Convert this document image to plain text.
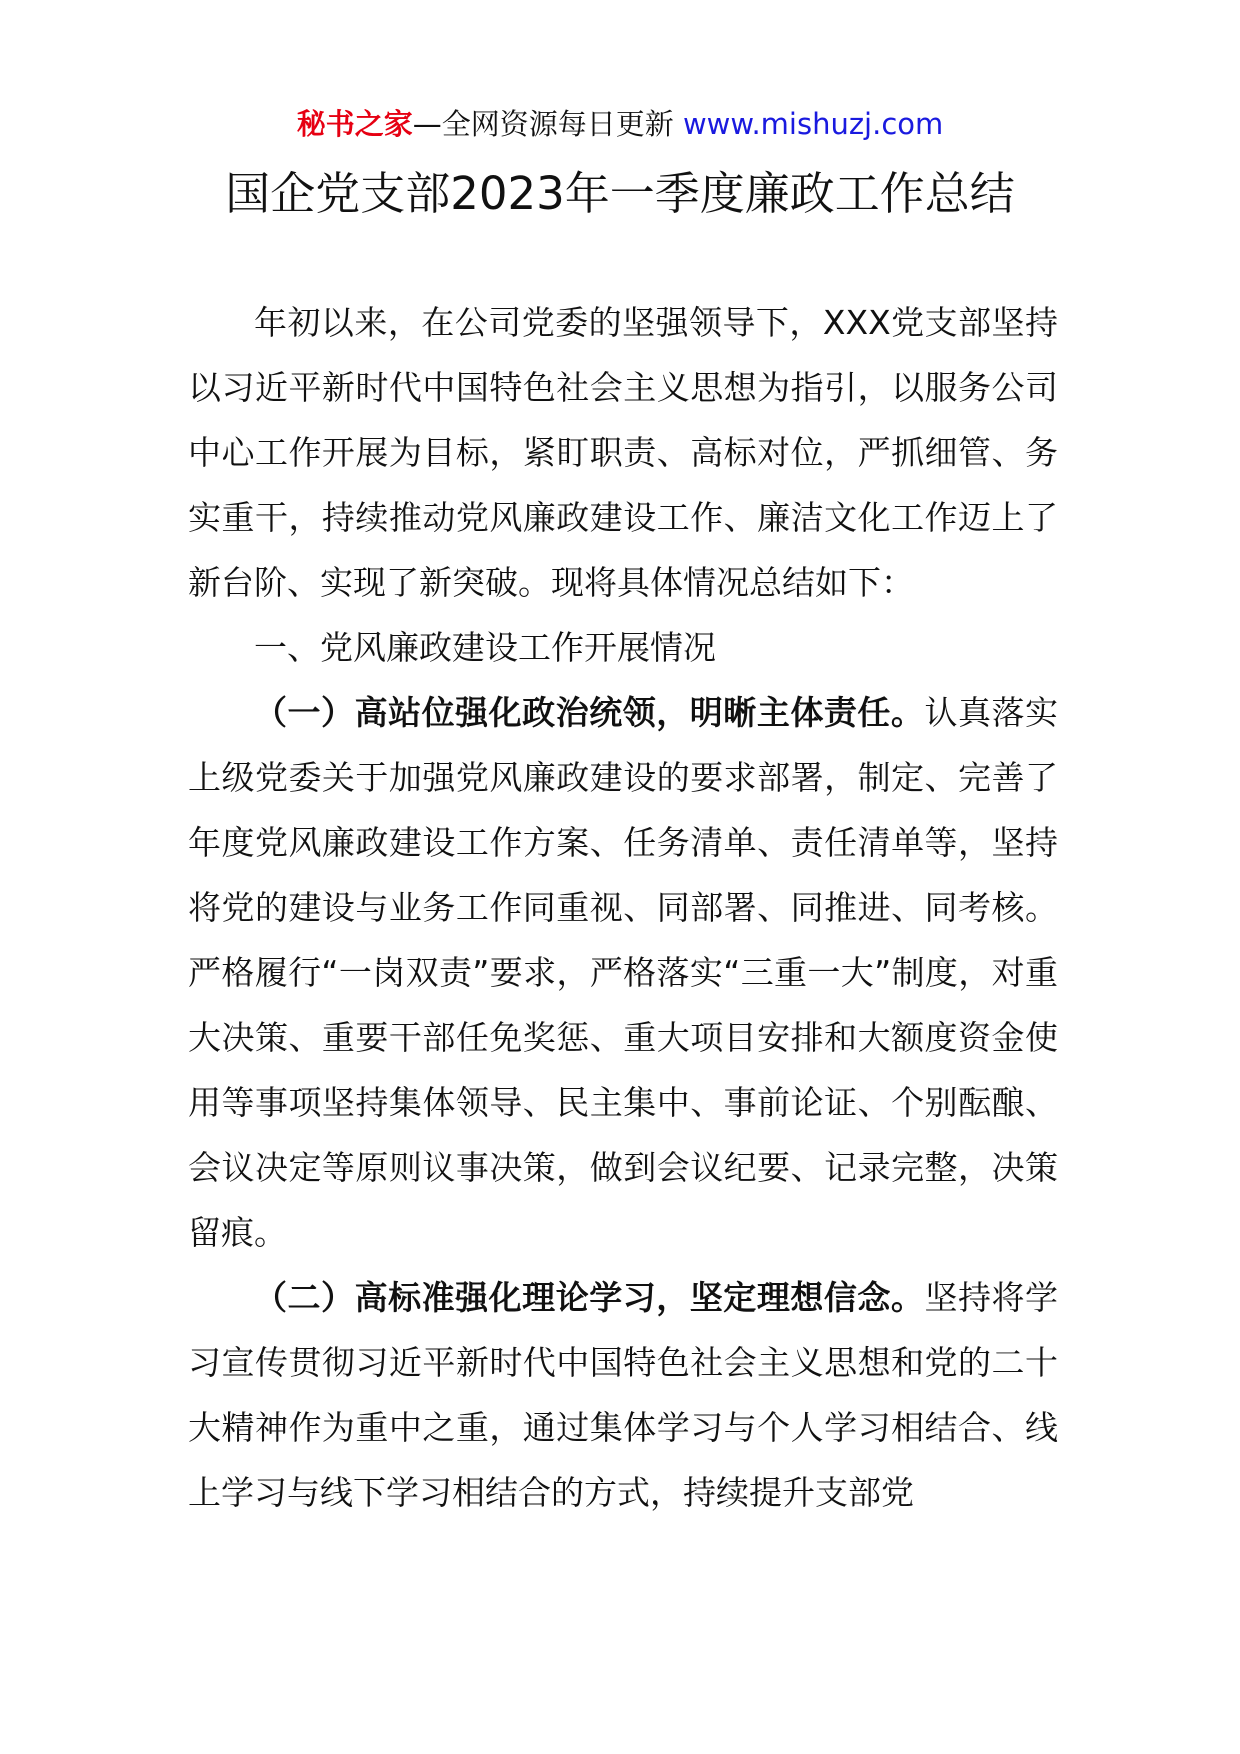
秘书之家—全网资源每日更新 www.mishuzj.com
国企党支部2023年一季度廉政工作总结

年初以来，在公司党委的坚强领导下，XXX党支部坚持以习近平新时代中国特色社会主义思想为指引，以服务公司中心工作开展为目标，紧盯职责、高标对位，严抓细管、务实重干，持续推动党风廉政建设工作、廉洁文化工作迈上了新台阶、实现了新突破。现将具体情况总结如下：

一、党风廉政建设工作开展情况

（一）高站位强化政治统领，明晰主体责任。认真落实上级党委关于加强党风廉政建设的要求部署，制定、完善了年度党风廉政建设工作方案、任务清单、责任清单等，坚持将党的建设与业务工作同重视、同部署、同推进、同考核。严格履行“一岗双责”要求，严格落实“三重一大”制度，对重大决策、重要干部任免奖惩、重大项目安排和大额度资金使用等事项坚持集体领导、民主集中、事前论证、个别酝酿、会议决定等原则议事决策，做到会议纪要、记录完整，决策留痕。

（二）高标准强化理论学习，坚定理想信念。坚持将学习宣传贯彻习近平新时代中国特色社会主义思想和党的二十大精神作为重中之重，通过集体学习与个人学习相结合、线上学习与线下学习相结合的方式，持续提升支部党
